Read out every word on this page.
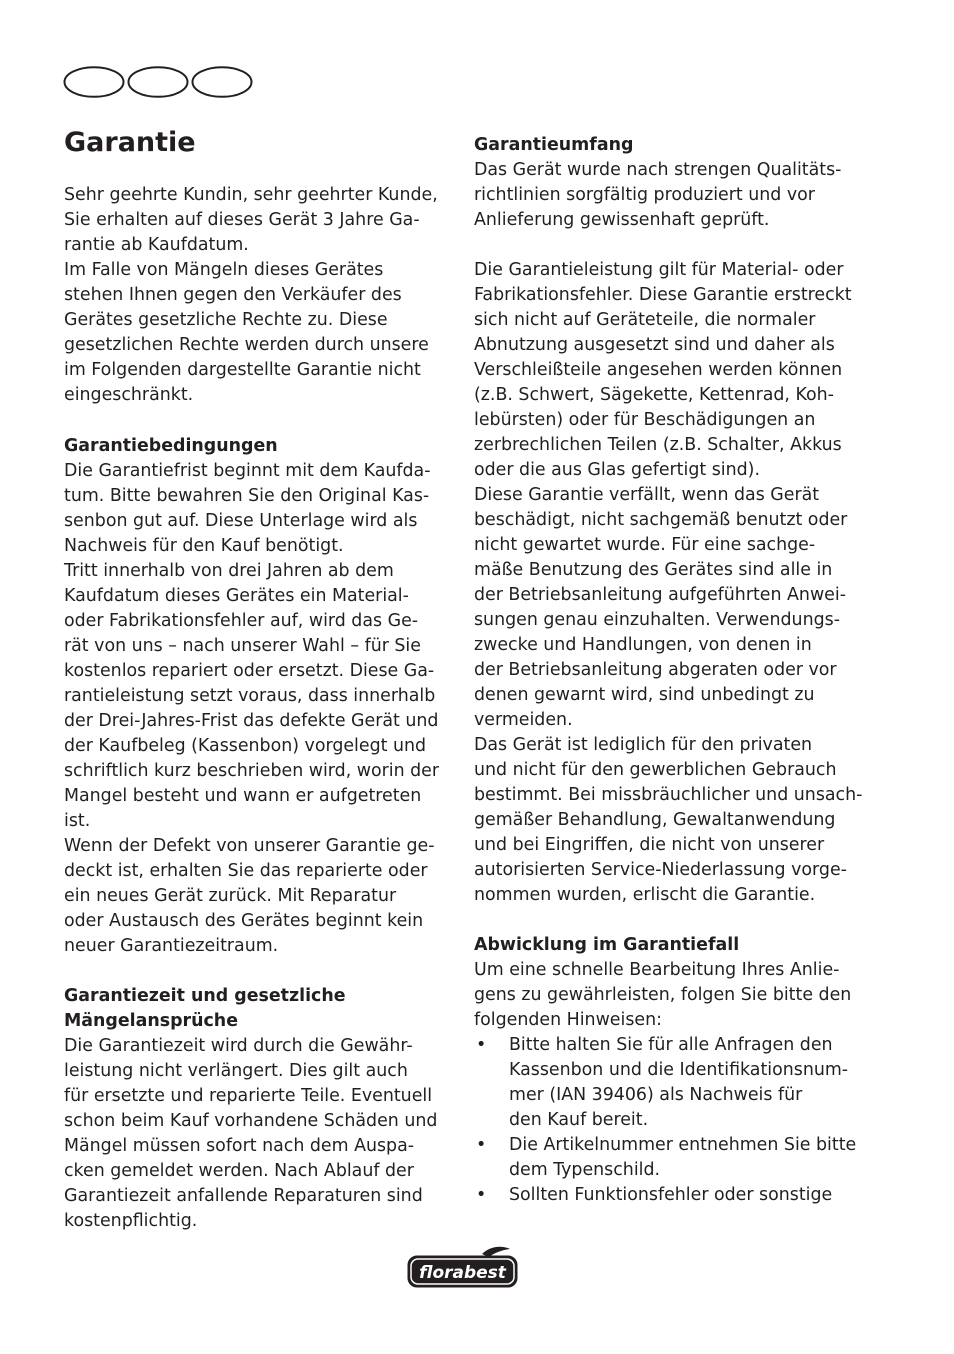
Garantie
Sehr geehrte Kundin, sehr geehrter Kunde,
Sie erhalten auf dieses Gerät 3 Jahre Ga-
rantie ab Kaufdatum.
Im Falle von Mängeln dieses Gerätes
stehen Ihnen gegen den Verkäufer des
Gerätes gesetzliche Rechte zu. Diese
gesetzlichen Rechte werden durch unsere
im Folgenden dargestellte Garantie nicht
eingeschränkt.
Garantiebedingungen
Die Garantiefrist beginnt mit dem Kaufda-
tum. Bitte bewahren Sie den Original Kas-
senbon gut auf. Diese Unterlage wird als
Nachweis für den Kauf benötigt.
Tritt innerhalb von drei Jahren ab dem
Kaufdatum dieses Gerätes ein Material-
oder Fabrikationsfehler auf, wird das Ge-
rät von uns – nach unserer Wahl – für Sie
kostenlos repariert oder ersetzt. Diese Ga-
rantieleistung setzt voraus, dass innerhalb
der Drei-Jahres-Frist das defekte Gerät und
der Kaufbeleg (Kassenbon) vorgelegt und
schriftlich kurz beschrieben wird, worin der
Mangel besteht und wann er aufgetreten
ist.
Wenn der Defekt von unserer Garantie ge-
deckt ist, erhalten Sie das reparierte oder
ein neues Gerät zurück. Mit Reparatur
oder Austausch des Gerätes beginnt kein
neuer Garantiezeitraum.
Garantiezeit und gesetzliche
Mängelansprüche
Die Garantiezeit wird durch die Gewähr-
leistung nicht verlängert. Dies gilt auch
für ersetzte und reparierte Teile. Eventuell
schon beim Kauf vorhandene Schäden und
Mängel müssen sofort nach dem Auspa-
cken gemeldet werden. Nach Ablauf der
Garantiezeit anfallende Reparaturen sind
kostenpflichtig.
Garantieumfang
Das Gerät wurde nach strengen Qualitäts-
richtlinien sorgfältig produziert und vor
Anlieferung gewissenhaft geprüft.
Die Garantieleistung gilt für Material- oder
Fabrikationsfehler. Diese Garantie erstreckt
sich nicht auf Geräteteile, die normaler
Abnutzung ausgesetzt sind und daher als
Verschleißteile angesehen werden können
(z.B. Schwert, Sägekette, Kettenrad, Koh-
lebürsten) oder für Beschädigungen an
zerbrechlichen Teilen (z.B. Schalter, Akkus
oder die aus Glas gefertigt sind).
Diese Garantie verfällt, wenn das Gerät
beschädigt, nicht sachgemäß benutzt oder
nicht gewartet wurde. Für eine sachge-
mäße Benutzung des Gerätes sind alle in
der Betriebsanleitung aufgeführten Anwei-
sungen genau einzuhalten. Verwendungs-
zwecke und Handlungen, von denen in
der Betriebsanleitung abgeraten oder vor
denen gewarnt wird, sind unbedingt zu
vermeiden.
Das Gerät ist lediglich für den privaten
und nicht für den gewerblichen Gebrauch
bestimmt. Bei missbräuchlicher und unsach-
gemäßer Behandlung, Gewaltanwendung
und bei Eingriffen, die nicht von unserer
autorisierten Service-Niederlassung vorge-
nommen wurden, erlischt die Garantie.
Abwicklung im Garantiefall
Um eine schnelle Bearbeitung Ihres Anlie-
gens zu gewährleisten, folgen Sie bitte den
folgenden Hinweisen:
• Bitte halten Sie für alle Anfragen den
Kassenbon und die Identifikationsnum-
mer (IAN 39406) als Nachweis für
den Kauf bereit.
• Die Artikelnummer entnehmen Sie bitte
dem Typenschild.
• Sollten Funktionsfehler oder sonstige
florabest
